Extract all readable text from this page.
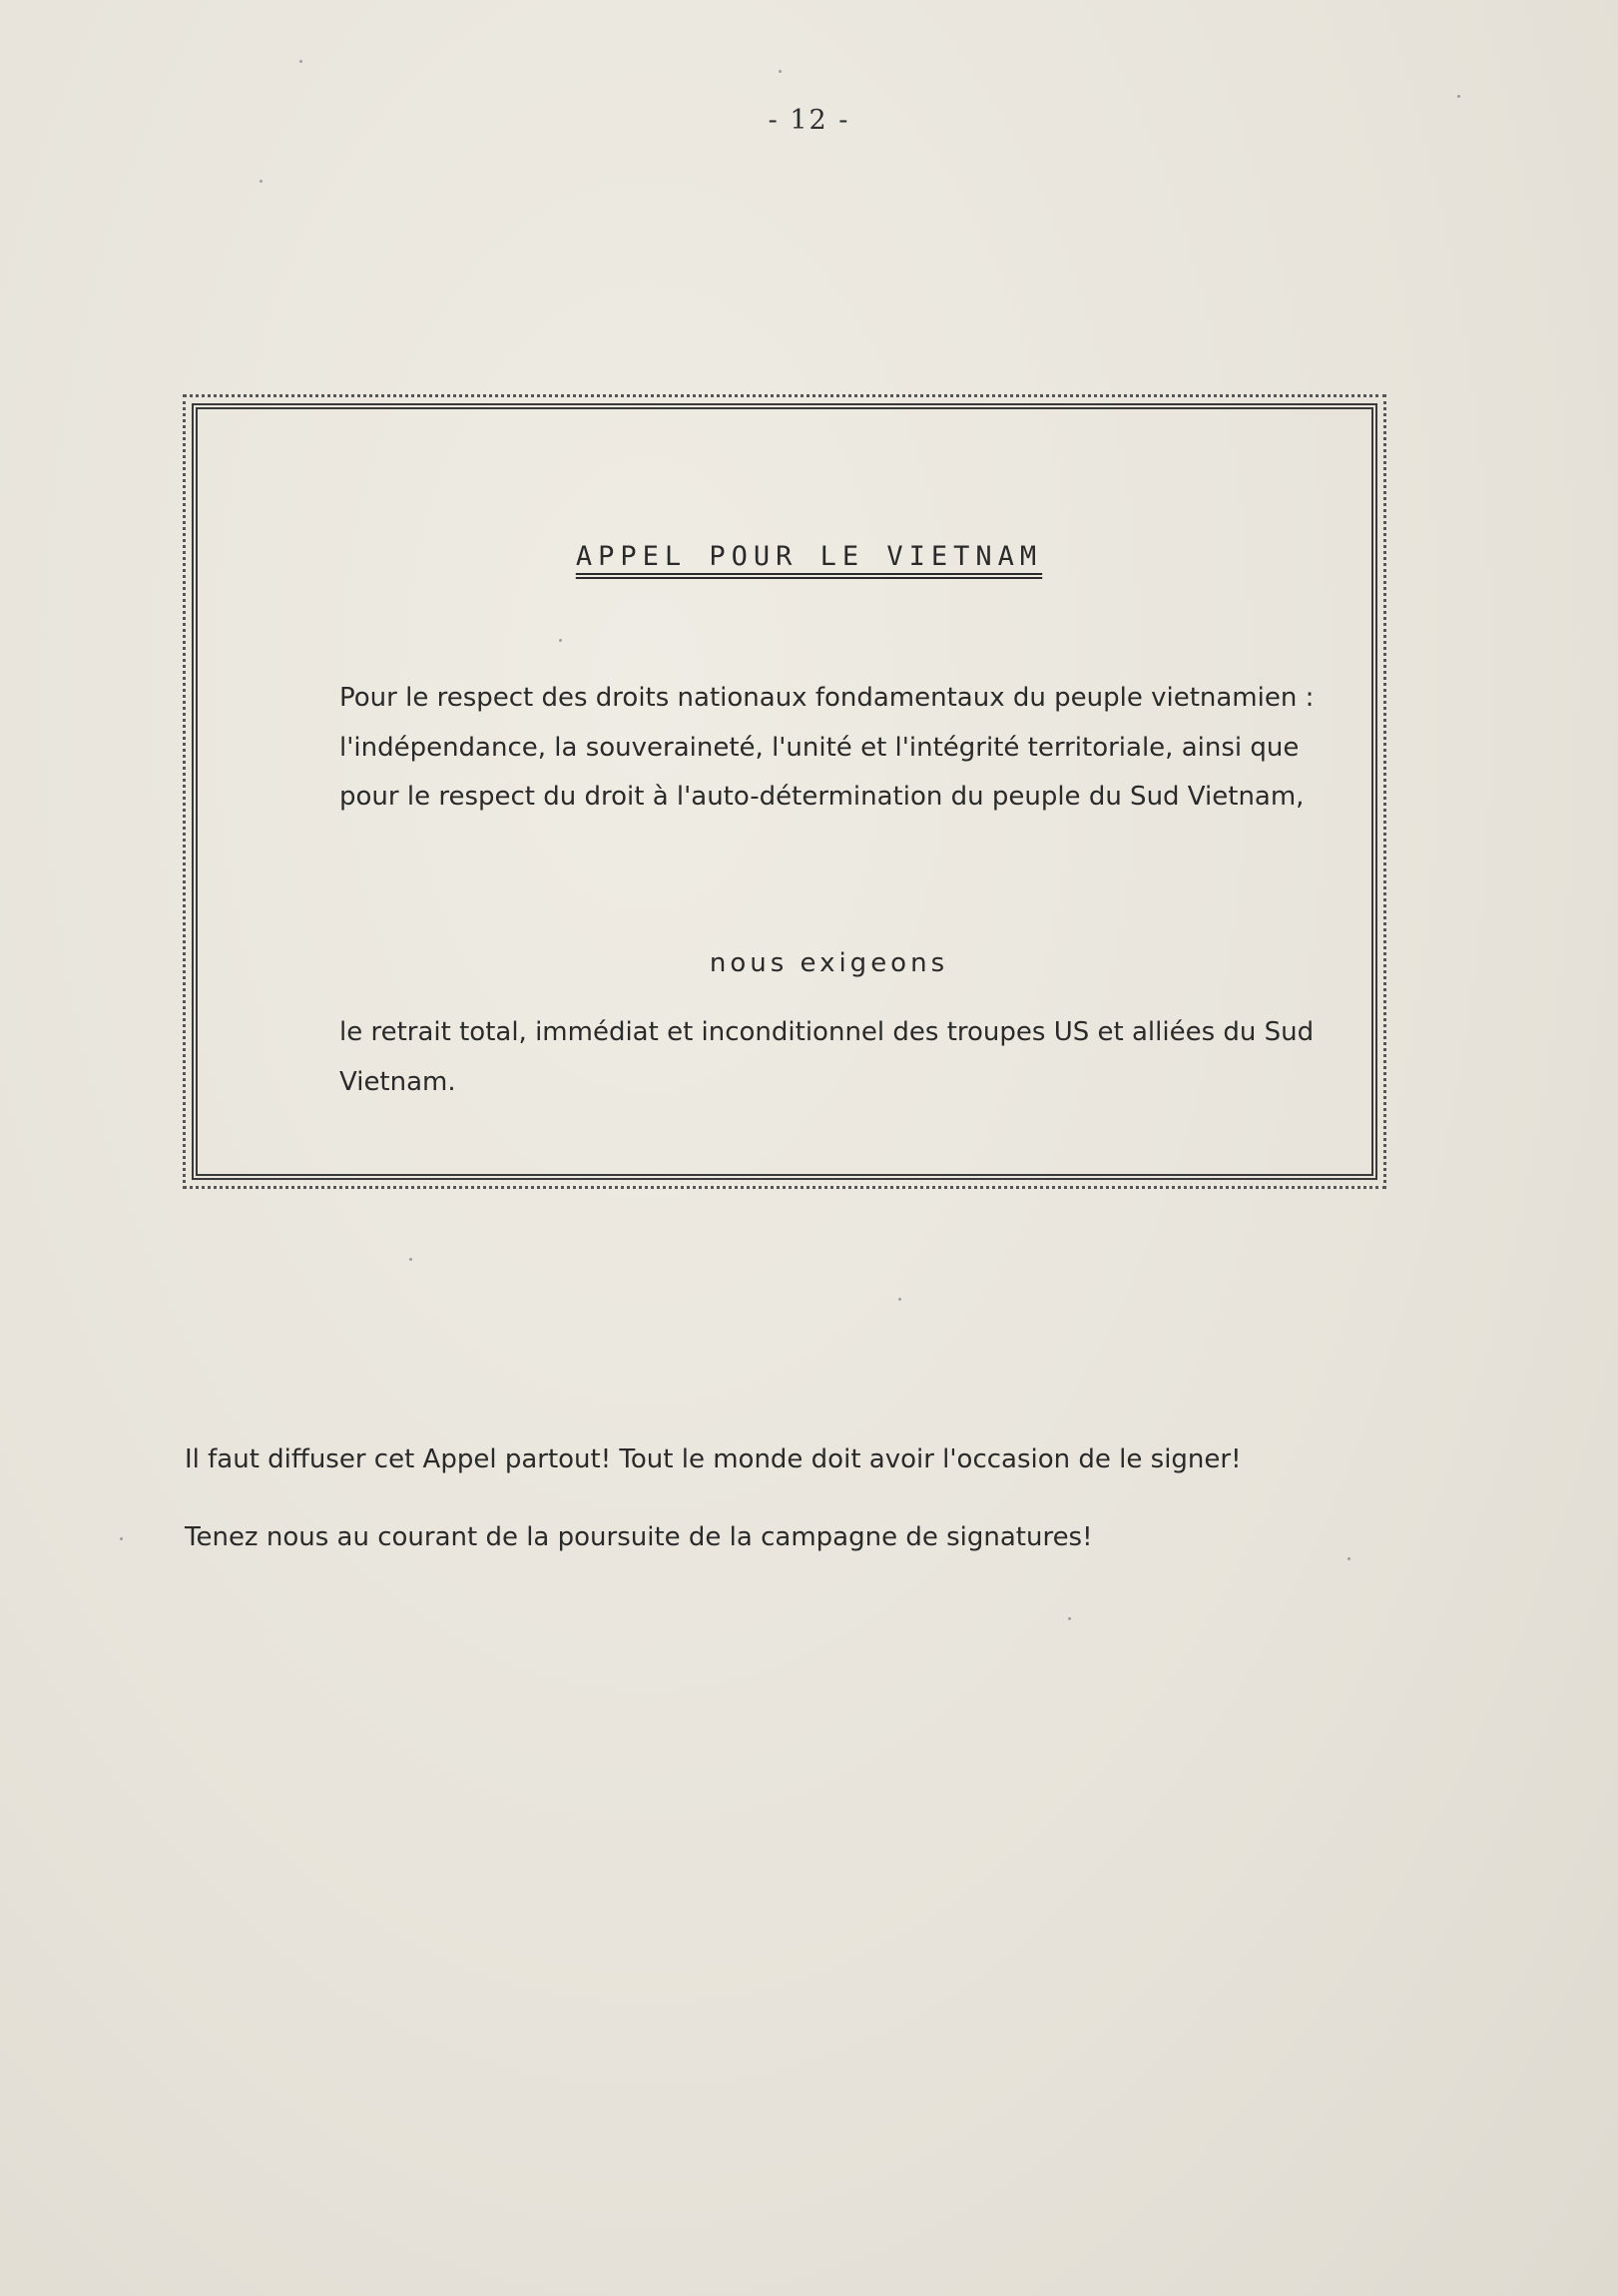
- 12 -
APPEL POUR LE VIETNAM

Pour le respect des droits nationaux fondamentaux du peuple vietnamien : l'indépendance, la souveraineté, l'unité et l'intégrité territoriale, ainsi que pour le respect du droit à l'auto-détermination du peuple du Sud Vietnam,

nous exigeons
le retrait total, immédiat et inconditionnel des troupes US et alliées du Sud Vietnam.

Il faut diffuser cet Appel partout! Tout le monde doit avoir l'occasion de le signer!

Tenez nous au courant de la poursuite de la campagne de signatures!
